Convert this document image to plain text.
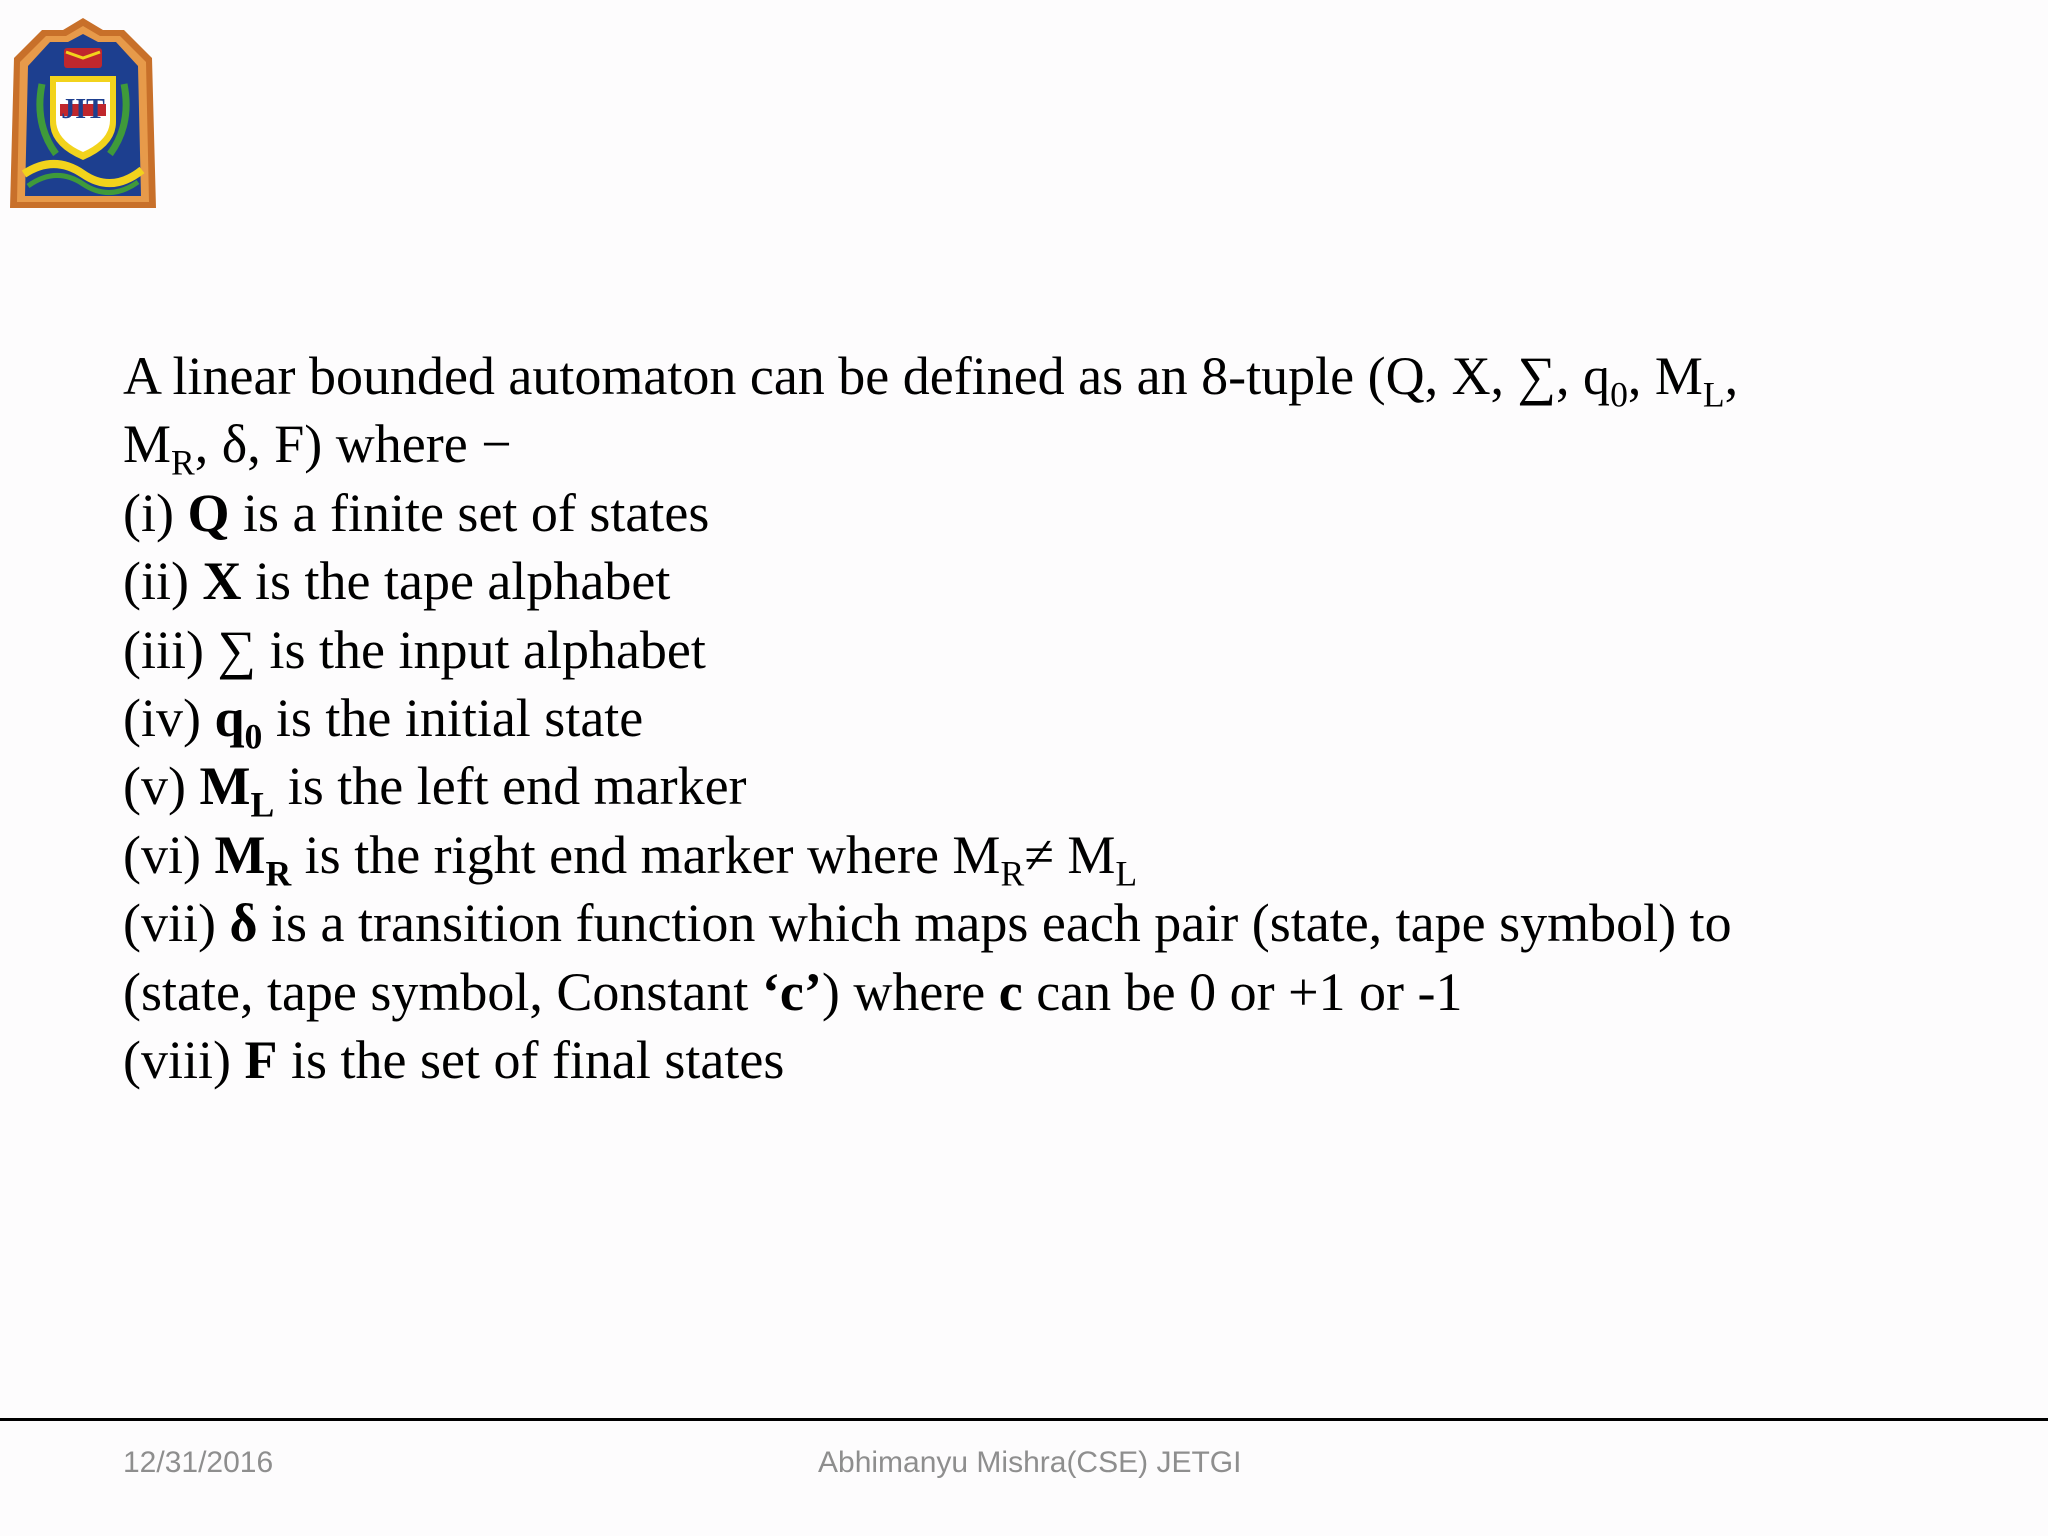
JIT
A linear bounded automaton can be defined as an 8-tuple (Q, X, ∑, $q_0$, $M_L$,
$M_R$, δ, F) where −
(i) Q is a finite set of states
(ii) X is the tape alphabet
(iii) ∑ is the input alphabet
(iv) $q_0$ is the initial state
(v) $M_L$ is the left end marker
(vi) $M_R$ is the right end marker where $M_R\ne M_L$
(vii) δ is a transition function which maps each pair (state, tape symbol) to
(state, tape symbol, Constant ‘c’) where c can be 0 or +1 or -1
(viii) F is the set of final states
12/31/2016	Abhimanyu Mishra(CSE) JETGI
